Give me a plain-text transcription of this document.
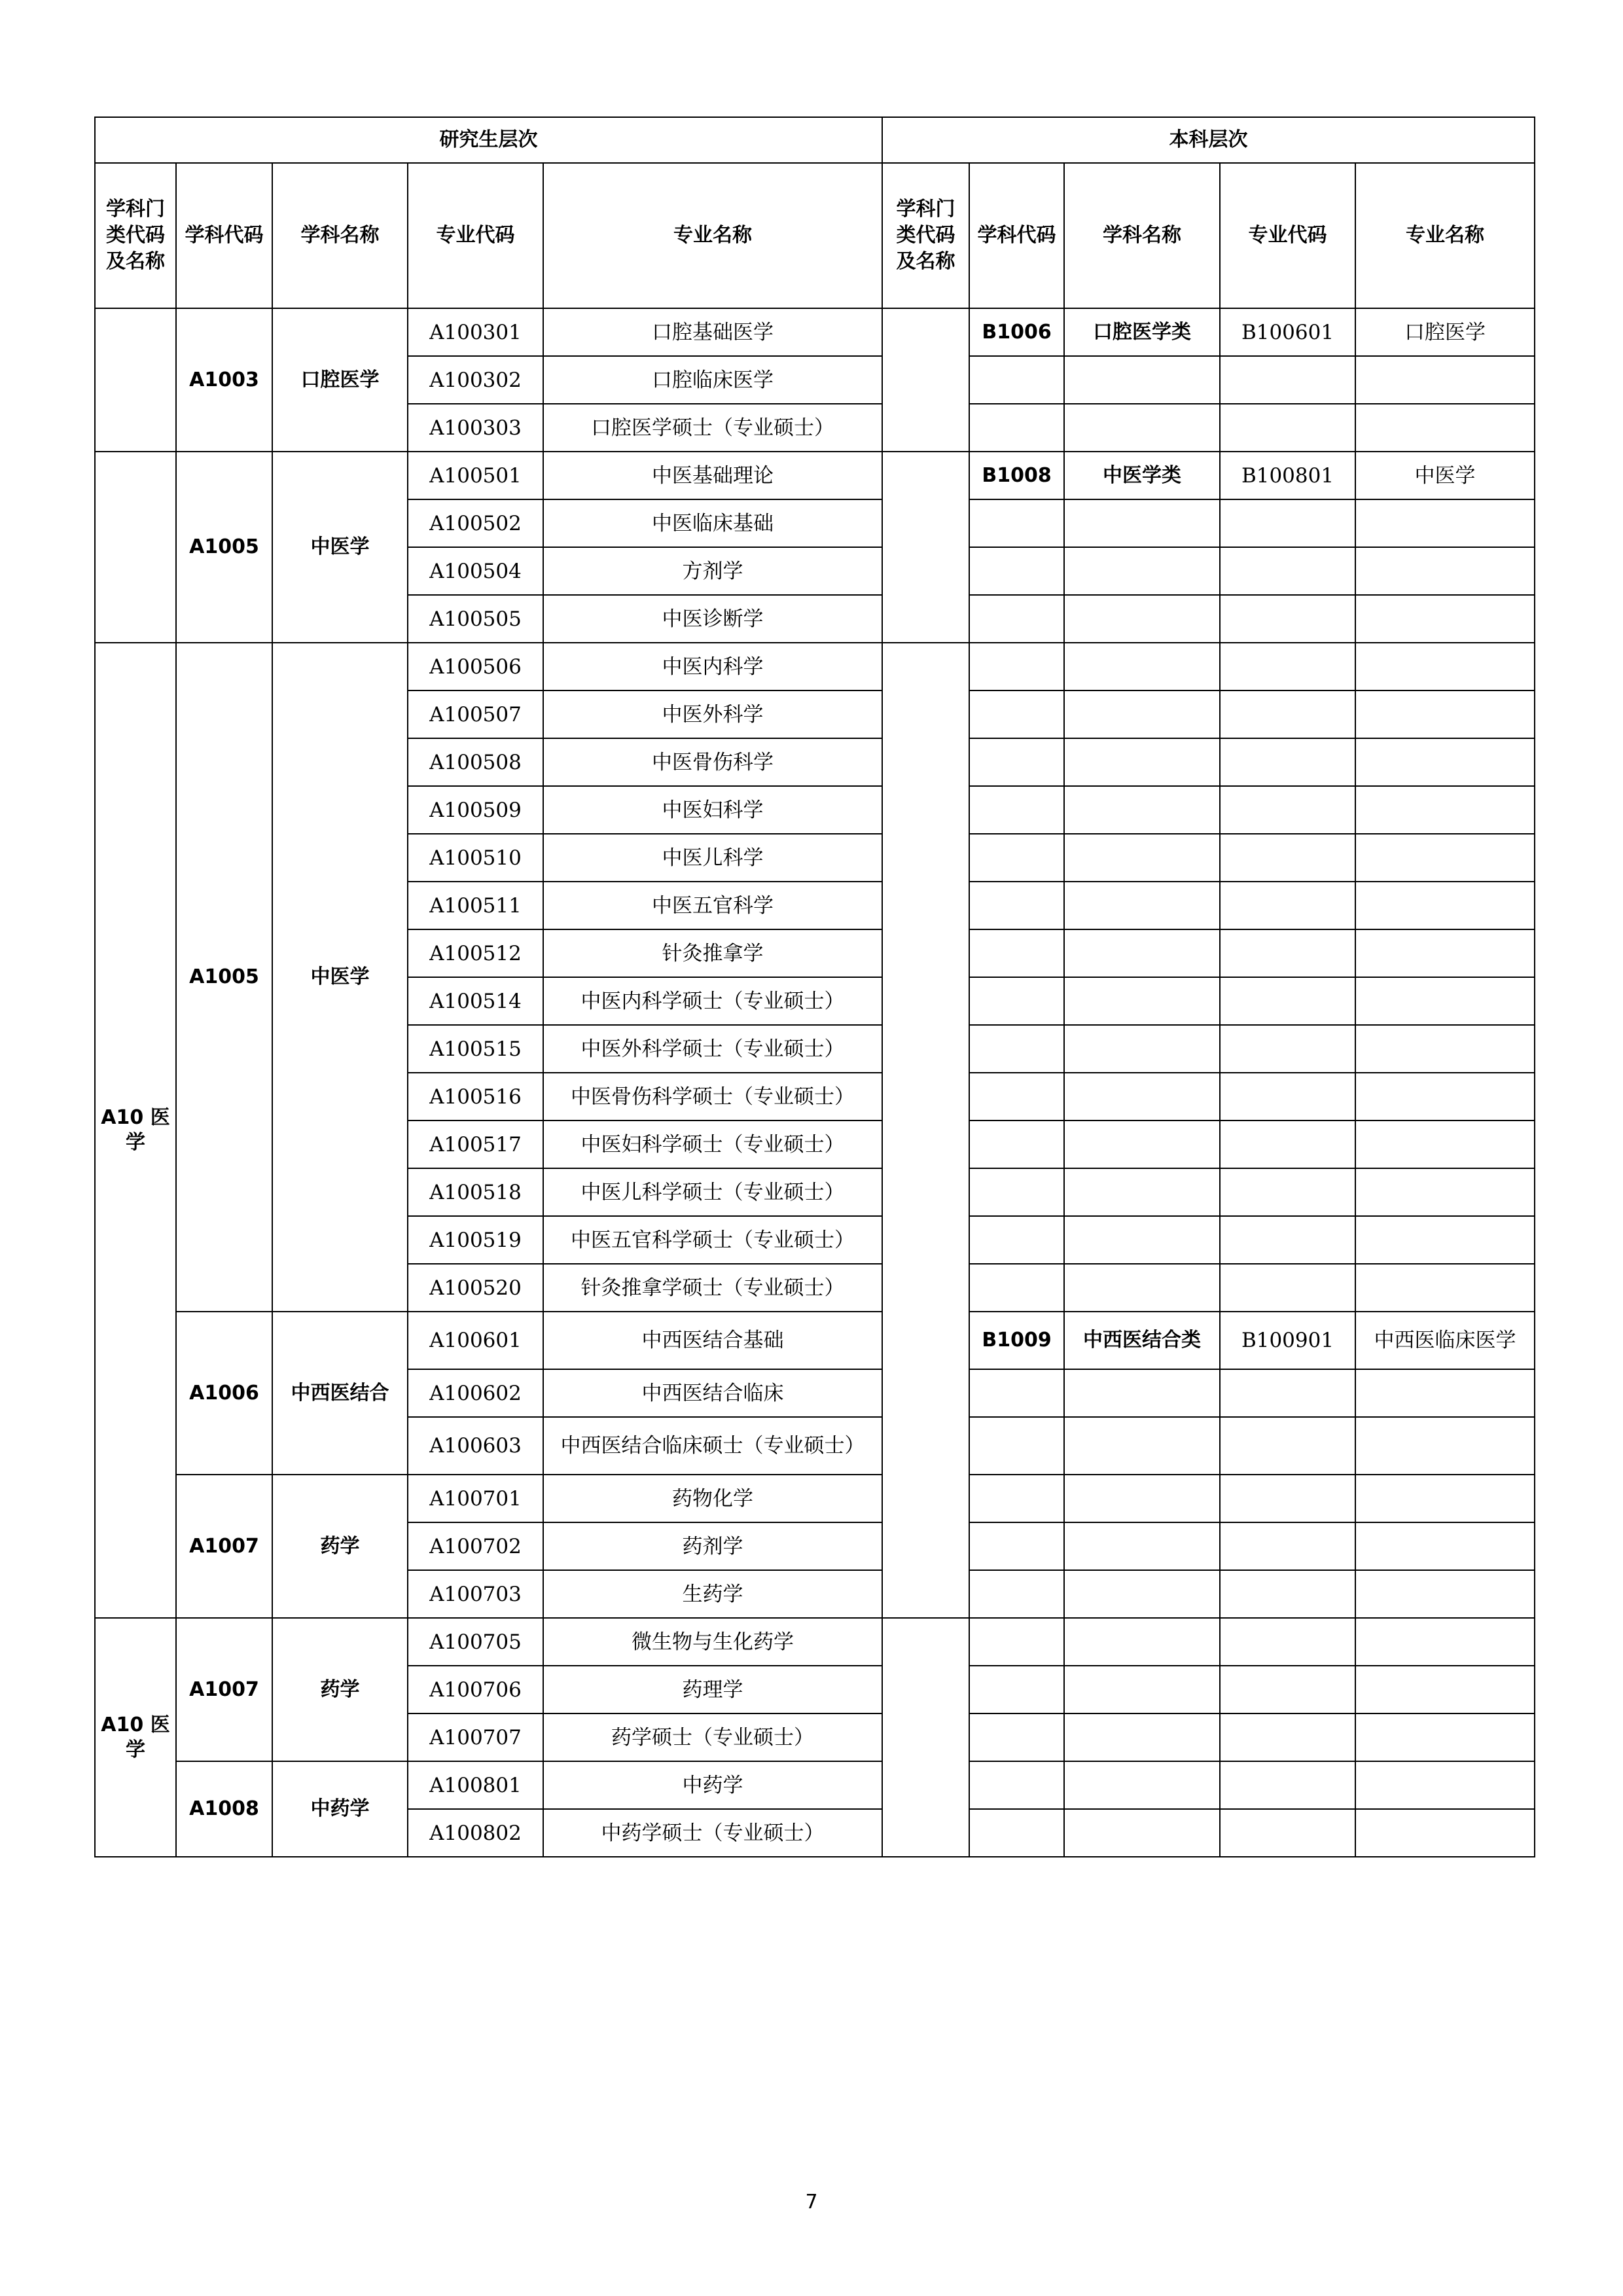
研究生层次					本科层次				
学科门类代码及名称	学科代码	学科名称	专业代码	专业名称	学科门类代码及名称	学科代码	学科名称	专业代码	专业名称
	A1003	口腔医学	A100301	口腔基础医学		B1006	口腔医学类	B100601	口腔医学
			A100302	口腔临床医学					
			A100303	口腔医学硕士（专业硕士）					
	A1005	中医学	A100501	中医基础理论		B1008	中医学类	B100801	中医学
			A100502	中医临床基础					
			A100504	方剂学					
			A100505	中医诊断学					
A10 医学	A1005	中医学	A100506	中医内科学					
			A100507	中医外科学					
			A100508	中医骨伤科学					
			A100509	中医妇科学					
			A100510	中医儿科学					
			A100511	中医五官科学					
			A100512	针灸推拿学					
			A100514	中医内科学硕士（专业硕士）					
			A100515	中医外科学硕士（专业硕士）					
			A100516	中医骨伤科学硕士（专业硕士）					
			A100517	中医妇科学硕士（专业硕士）					
			A100518	中医儿科学硕士（专业硕士）					
			A100519	中医五官科学硕士（专业硕士）					
			A100520	针灸推拿学硕士（专业硕士）					
	A1006	中西医结合	A100601	中西医结合基础		B1009	中西医结合类	B100901	中西医临床医学
			A100602	中西医结合临床					
			A100603	中西医结合临床硕士（专业硕士）					
	A1007	药学	A100701	药物化学					
			A100702	药剂学					
			A100703	生药学					
A10 医学	A1007	药学	A100705	微生物与生化药学					
			A100706	药理学					
			A100707	药学硕士（专业硕士）					
	A1008	中药学	A100801	中药学					
			A100802	中药学硕士（专业硕士）					
7
